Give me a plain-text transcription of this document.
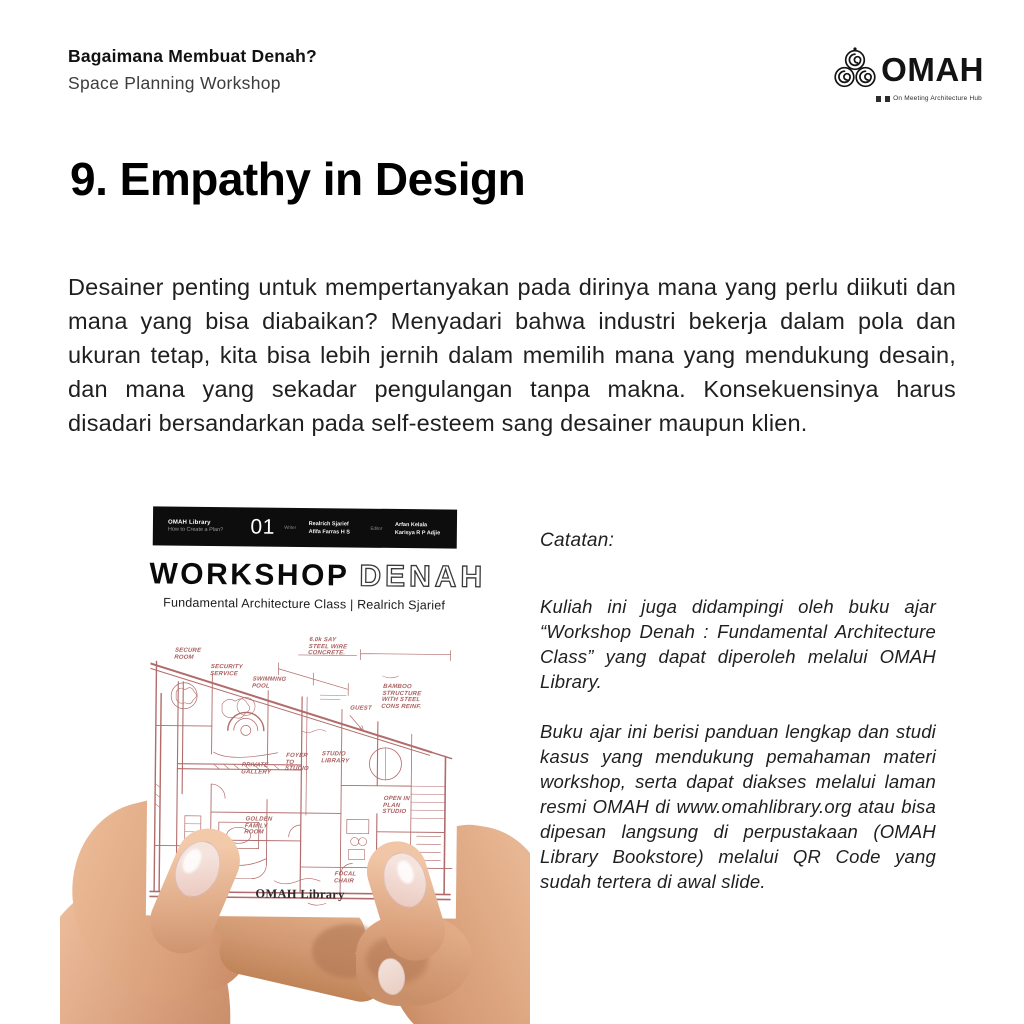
Bagaimana Membuat Denah?
Space Planning Workshop	OMAH
On Meeting Architecture Hub
9. Empathy in Design
Desainer penting untuk mempertanyakan pada dirinya mana yang perlu diikuti dan mana yang bisa diabaikan? Menyadari bahwa industri bekerja dalam pola dan ukuran tetap, kita bisa lebih jernih dalam memilih mana yang mendukung desain, dan mana yang sekadar pengulangan tanpa makna. Konsekuensinya harus disadari bersandarkan pada self-esteem sang desainer maupun klien.
Catatan:

Kuliah ini juga didampingi oleh buku ajar “Workshop Denah : Fundamental Architecture Class” yang dapat diperoleh melalui OMAH Library.

Buku ajar ini berisi panduan lengkap dan studi kasus yang mendukung pemahaman materi workshop, serta dapat diakses melalui laman resmi OMAH di www.omahlibrary.org atau bisa dipesan langsung di perpustakaan (OMAH Library Bookstore) melalui QR Code yang sudah tertera di awal slide.

OMAH Library
How to Create a Plan?	01	Writer
Realrich Sjarief
Afifa Farras H S
Editor
Arfan Kelala
Karisya R P Adjie
WORKSHOP DENAH
Fundamental Architecture Class | Realrich Sjarief
SECURE ROOM
SECURITY SERVICE
SWIMMING POOL
6.0k SAY STEEL WIRE CONCRETE.
GUEST
BAMBOO STRUCTURE WITH STEEL CONS REINF.
STUDIO LIBRARY
FOYER TO STUDIO
PRIVATE GALLERY
GOLDEN FAMILY ROOM
OPEN IN PLAN STUDIO
FOCAL CHAIR
OMAH Library
